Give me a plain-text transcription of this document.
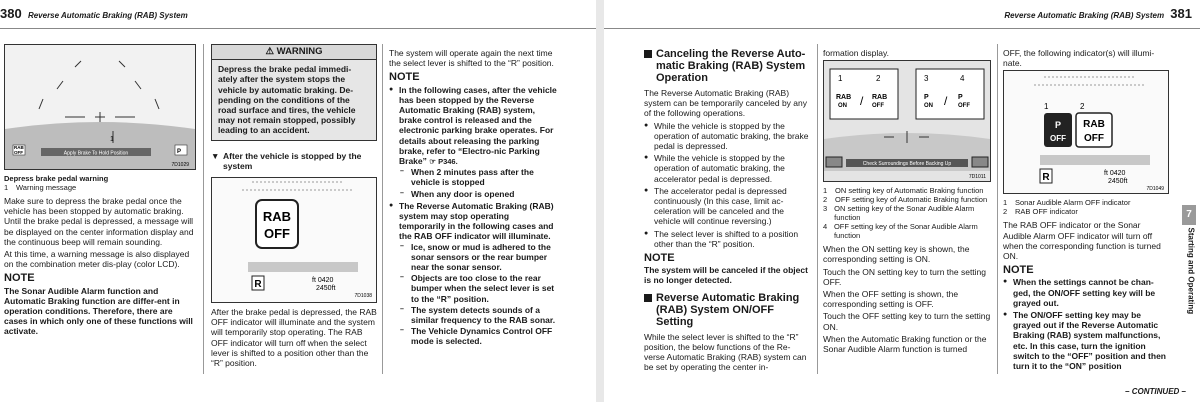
380 Reverse Automatic Braking (RAB) System
1
RAB
OFF	Apply Brake To Hold Position	P
7D1029
Depress brake pedal warning
1 Warning message

Make sure to depress the brake pedal once the vehicle has been stopped by automatic braking. Until the brake pedal is depressed, a message will be displayed on the center information display and the continuous beep will remain sounding.

At this time, a warning message is also displayed on the combination meter dis-play (color LCD).

NOTE

The Sonar Audible Alarm function and Automatic Braking function are differ-ent in operation conditions. Therefore, there are cases in which only one of these functions will activate.

⚠ WARNING
Depress the brake pedal immedi-ately after the system stops the vehicle by automatic braking. De-pending on the conditions of the road surface and tires, the vehicle may not remain stopped, possibly leading to an accident.

▼ After the vehicle is stopped by the system

RAB
OFF
R	ft 0420
2450ft
7D1038

After the brake pedal is depressed, the RAB OFF indicator will illuminate and the system will temporarily stop operating. The RAB OFF indicator will turn off when the select lever is shifted to a position other than the “R” position.

The system will operate again the next time the select lever is shifted to the “R” position.

NOTE
● In the following cases, after the vehicle has been stopped by the Reverse Automatic Braking (RAB) system, brake control is released and the electronic parking brake operates. For details about releasing the parking brake, refer to “Electro-nic Parking Brake” ☞ P346.
– When 2 minutes pass after the vehicle is stopped
– When any door is opened
● The Reverse Automatic Braking (RAB) system may stop operating temporarily in the following cases and the RAB OFF indicator will illuminate.
– Ice, snow or mud is adhered to the sonar sensors or the rear bumper near the sonar sensor.
– Objects are too close to the rear bumper when the select lever is set to the “R” position.
– The system detects sounds of a similar frequency to the RAB sonar.
– The Vehicle Dynamics Control OFF mode is selected.
Reverse Automatic Braking (RAB) System 381
Canceling the Reverse Auto-matic Braking (RAB) System Operation

The Reverse Automatic Braking (RAB) system can be temporarily canceled by any of the following operations.

● While the vehicle is stopped by the operation of automatic braking, the brake pedal is depressed.
● While the vehicle is stopped by the operation of automatic braking, the accelerator pedal is depressed.
● The accelerator pedal is depressed continuously (In this case, limit ac-celeration will be canceled and the vehicle will continue reversing.)
● The select lever is shifted to a position other than the “R” position.
NOTE

The system will be canceled if the object is no longer detected.

Reverse Automatic Braking (RAB) System ON/OFF Setting

While the select lever is shifted to the “R” position, the below functions of the Re-verse Automatic Braking (RAB) system can be set by operating the center in-

formation display.

1	2	3	4
RAB
ON / RAB
OFF
P
ON / P
OFF
Check Surroundings Before Backing Up
7D1011
1	ON setting key of Automatic Braking function
2	OFF setting key of Automatic Braking function
3 ON setting key of the Sonar Audible Alarm function
4 OFF setting key of the Sonar Audible Alarm function

When the ON setting key is shown, the corresponding setting is ON.

Touch the ON setting key to turn the setting OFF.

When the OFF setting is shown, the corresponding setting is OFF.

Touch the OFF setting key to turn the setting ON.

When the Automatic Braking function or the Sonar Audible Alarm function is turned

OFF, the following indicator(s) will illumi-nate.

1	2
P
OFF
RAB
OFF
R	ft 0420
2450ft
7D1049
1	Sonar Audible Alarm OFF indicator
2	RAB OFF indicator

The RAB OFF indicator or the Sonar Audible Alarm OFF indicator will turn off when the corresponding function is turned ON.

NOTE
● When the settings cannot be chan-ged, the ON/OFF setting key will be grayed out.
● The ON/OFF setting key may be grayed out if the Reverse Automatic Braking (RAB) system malfunctions, etc. In this case, turn the ignition switch to the “OFF” position and then turn it to the “ON” position
7
Starting and Operating
– CONTINUED –
